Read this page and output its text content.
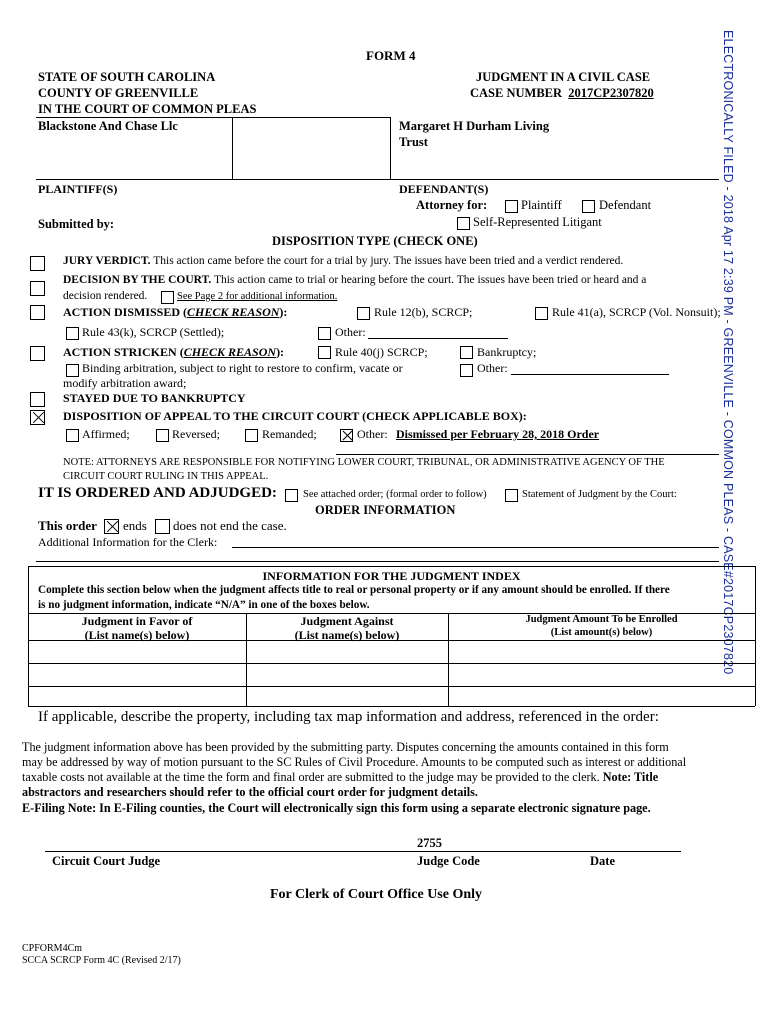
ELECTRONICALLY FILED - 2018 Apr 17 2:39 PM - GREENVILLE - COMMON PLEAS - CASE#2017CP2307820
FORM 4
STATE OF SOUTH CAROLINA
COUNTY OF GREENVILLE
IN THE COURT OF COMMON PLEAS
Blackstone And Chase Llc
JUDGMENT IN A CIVIL CASE
CASE NUMBER 2017CP2307820
Margaret H Durham Living
Trust
PLAINTIFF(S)	DEFENDANT(S)
Attorney for:	Plaintiff	Defendant
Self-Represented Litigant
Submitted by:
DISPOSITION TYPE (CHECK ONE)
JURY VERDICT. This action came before the court for a trial by jury. The issues have been tried and a verdict rendered.
DECISION BY THE COURT. This action came to trial or hearing before the court. The issues have been tried or heard and a
decision rendered.	See Page 2 for additional information.
ACTION DISMISSED (CHECK REASON):	Rule 12(b), SCRCP;	Rule 41(a), SCRCP (Vol. Nonsuit);
Rule 43(k), SCRCP (Settled);	Other:
ACTION STRICKEN (CHECK REASON):	Rule 40(j) SCRCP;	Bankruptcy;
Binding arbitration, subject to right to restore to confirm, vacate or
modify arbitration award;
Other:
STAYED DUE TO BANKRUPTCY
DISPOSITION OF APPEAL TO THE CIRCUIT COURT (CHECK APPLICABLE BOX):
Affirmed;	Reversed;	Remanded;	Other: Dismissed per February 28, 2018 Order
NOTE: ATTORNEYS ARE RESPONSIBLE FOR NOTIFYING LOWER COURT, TRIBUNAL, OR ADMINISTRATIVE AGENCY OF THE
CIRCUIT COURT RULING IN THIS APPEAL.
IT IS ORDERED AND ADJUDGED: See attached order; (formal order to follow)	Statement of Judgment by the Court:
ORDER INFORMATION
This order ends does not end the case.
Additional Information for the Clerk:
INFORMATION FOR THE JUDGMENT INDEX
Complete this section below when the judgment affects title to real or personal property or if any amount should be enrolled. If there
is no judgment information, indicate “N/A” in one of the boxes below.
Judgment in Favor of
(List name(s) below)
Judgment Against
(List name(s) below)
Judgment Amount To be Enrolled
(List amount(s) below)
If applicable, describe the property, including tax map information and address, referenced in the order:
The judgment information above has been provided by the submitting party. Disputes concerning the amounts contained in this form
may be addressed by way of motion pursuant to the SC Rules of Civil Procedure. Amounts to be computed such as interest or additional
taxable costs not available at the time the form and final order are submitted to the judge may be provided to the clerk. Note: Title
abstractors and researchers should refer to the official court order for judgment details.
E-Filing Note: In E-Filing counties, the Court will electronically sign this form using a separate electronic signature page.
2755
Circuit Court Judge	Judge Code	Date
For Clerk of Court Office Use Only
CPFORM4Cm
SCCA SCRCP Form 4C (Revised 2/17)
